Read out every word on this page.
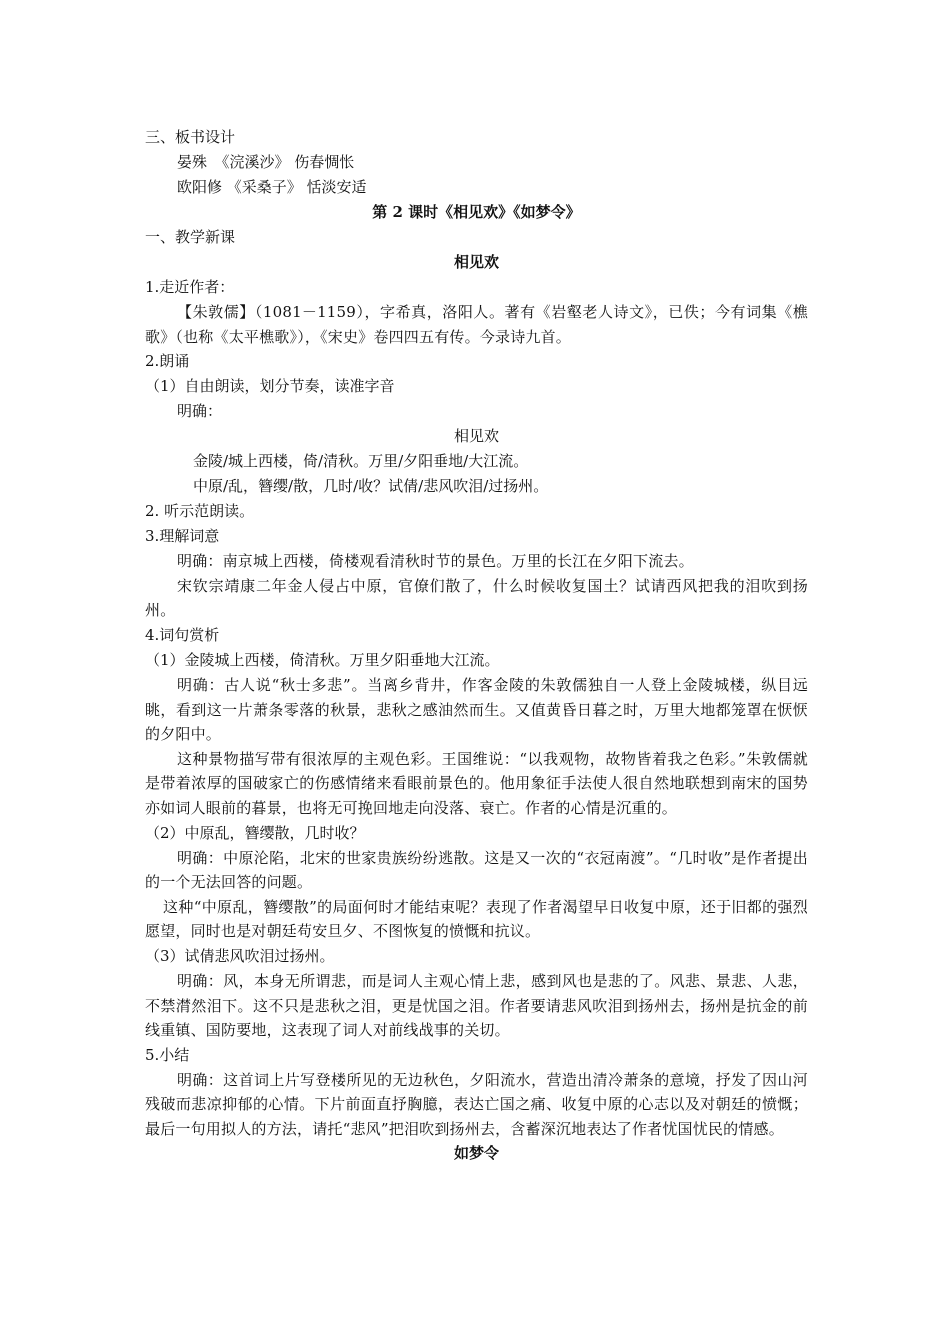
三、板书设计
晏殊　《浣溪沙》 伤春惆怅
欧阳修 《采桑子》 恬淡安适
第 2 课时《相见欢》《如梦令》
一、教学新课
相见欢
1.走近作者：

【朱敦儒】（1081－1159），字希真，洛阳人。著有《岩壑老人诗文》，已佚；今有词集《樵歌》（也称《太平樵歌》），《宋史》卷四四五有传。今录诗九首。

2.朗诵
（1）自由朗读，划分节奏，读准字音
明确：
相见欢
金陵/城上西楼，倚/清秋。万里/夕阳垂地/大江流。
中原/乱，簪缨/散，几时/收？试倩/悲风吹泪/过扬州。
2. 听示范朗读。
3.理解词意

明确：南京城上西楼，倚楼观看清秋时节的景色。万里的长江在夕阳下流去。

宋钦宗靖康二年金人侵占中原，官僚们散了，什么时候收复国土？试请西风把我的泪吹到扬州。

4.词句赏析
（1）金陵城上西楼，倚清秋。万里夕阳垂地大江流。

明确：古人说“秋士多悲”。当离乡背井，作客金陵的朱敦儒独自一人登上金陵城楼，纵目远眺，看到这一片萧条零落的秋景，悲秋之感油然而生。又值黄昏日暮之时，万里大地都笼罩在恹恹的夕阳中。

这种景物描写带有很浓厚的主观色彩。王国维说：“以我观物，故物皆着我之色彩。”朱敦儒就是带着浓厚的国破家亡的伤感情绪来看眼前景色的。他用象征手法使人很自然地联想到南宋的国势亦如词人眼前的暮景，也将无可挽回地走向没落、衰亡。作者的心情是沉重的。

（2）中原乱，簪缨散，几时收？

明确：中原沦陷，北宋的世家贵族纷纷逃散。这是又一次的“衣冠南渡”。“几时收”是作者提出的一个无法回答的问题。

这种“中原乱，簪缨散”的局面何时才能结束呢？表现了作者渴望早日收复中原，还于旧都的强烈愿望，同时也是对朝廷苟安旦夕、不图恢复的愤慨和抗议。

（3）试倩悲风吹泪过扬州。

明确：风，本身无所谓悲，而是词人主观心情上悲，感到风也是悲的了。风悲、景悲、人悲，不禁潸然泪下。这不只是悲秋之泪，更是忧国之泪。作者要请悲风吹泪到扬州去，扬州是抗金的前线重镇、国防要地，这表现了词人对前线战事的关切。

5.小结

明确：这首词上片写登楼所见的无边秋色，夕阳流水，营造出清冷萧条的意境，抒发了因山河残破而悲凉抑郁的心情。下片前面直抒胸臆，表达亡国之痛、收复中原的心志以及对朝廷的愤慨；最后一句用拟人的方法，请托“悲风”把泪吹到扬州去，含蓄深沉地表达了作者忧国忧民的情感。

如梦令
